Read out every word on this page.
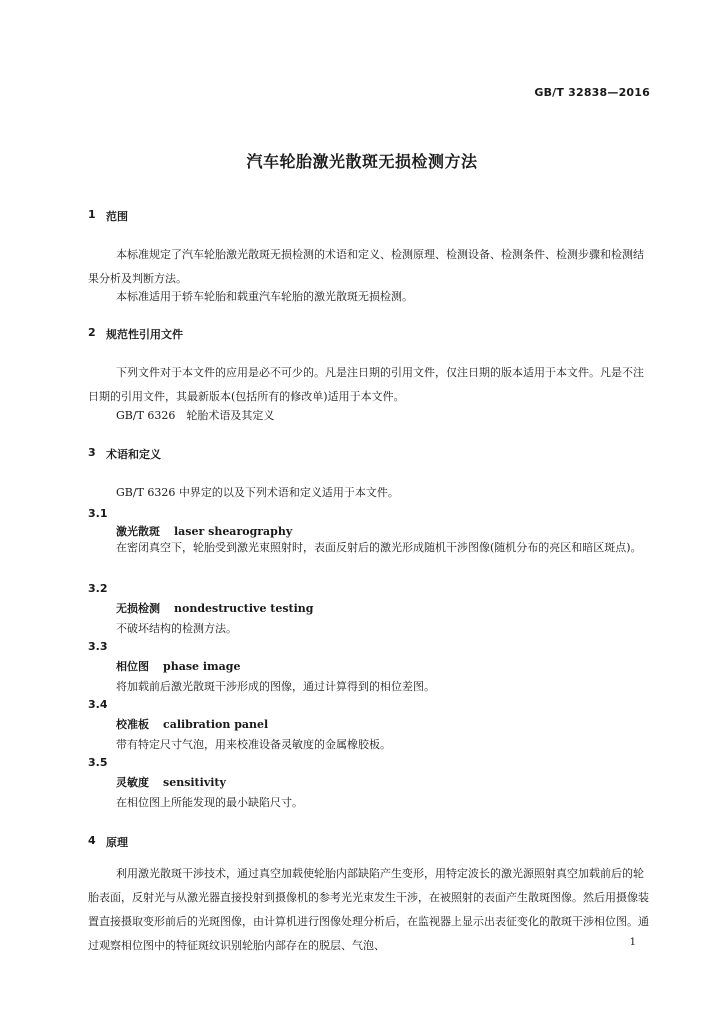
GB/T 32838—2016
汽车轮胎激光散斑无损检测方法
1 范围
本标准规定了汽车轮胎激光散斑无损检测的术语和定义、检测原理、检测设备、检测条件、检测步骤和检测结果分析及判断方法。
本标准适用于轿车轮胎和载重汽车轮胎的激光散斑无损检测。
2 规范性引用文件
下列文件对于本文件的应用是必不可少的。凡是注日期的引用文件，仅注日期的版本适用于本文件。凡是不注日期的引用文件，其最新版本(包括所有的修改单)适用于本文件。
GB/T 6326　轮胎术语及其定义
3 术语和定义
GB/T 6326 中界定的以及下列术语和定义适用于本文件。
3.1
激光散斑 laser shearography
在密闭真空下，轮胎受到激光束照射时，表面反射后的激光形成随机干涉图像(随机分布的亮区和暗区斑点)。
3.2
无损检测 nondestructive testing
不破坏结构的检测方法。
3.3
相位图 phase image
将加载前后激光散斑干涉形成的图像，通过计算得到的相位差图。
3.4
校准板 calibration panel
带有特定尺寸气泡，用来校准设备灵敏度的金属橡胶板。
3.5
灵敏度 sensitivity
在相位图上所能发现的最小缺陷尺寸。
4 原理
利用激光散斑干涉技术，通过真空加载使轮胎内部缺陷产生变形，用特定波长的激光源照射真空加载前后的轮胎表面，反射光与从激光器直接投射到摄像机的参考光光束发生干涉，在被照射的表面产生散斑图像。然后用摄像装置直接摄取变形前后的光斑图像，由计算机进行图像处理分析后，在监视器上显示出表征变化的散斑干涉相位图。通过观察相位图中的特征斑纹识别轮胎内部存在的脱层、气泡、	1
